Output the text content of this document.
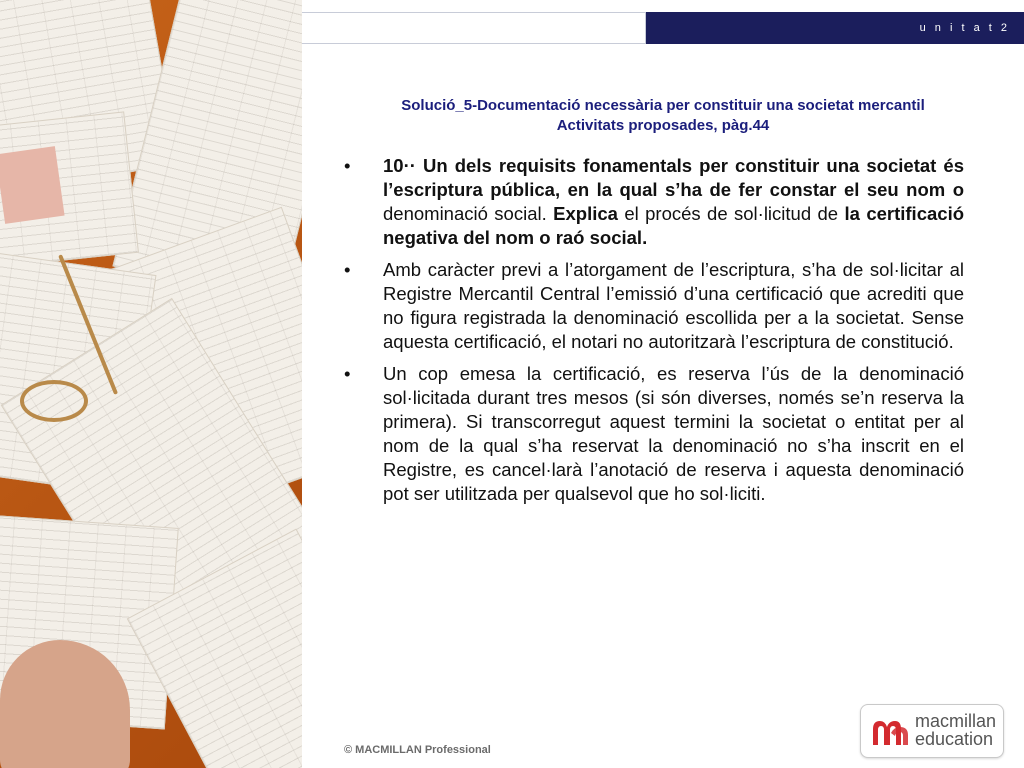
u n i t a t 2
Solució_5-Documentació necessària per constituir una societat mercantil
Activitats proposades, pàg.44
•	10·· Un dels requisits fonamentals per constituir una societat és l’escriptura pública, en la qual s’ha de fer constar el seu nom o denominació social. Explica el procés de sol·licitud de la certificació negativa del nom o raó social.
•	Amb caràcter previ a l’atorgament de l’escriptura, s’ha de sol·licitar al Registre Mercantil Central l’emissió d’una certificació que acrediti que no figura registrada la denominació escollida per a la societat. Sense aquesta certificació, el notari no autoritzarà l’escriptura de constitució.
•	Un cop emesa la certificació, es reserva l’ús de la denominació sol·licitada durant tres mesos (si són diverses, només se’n reserva la primera). Si transcorregut aquest termini la societat o entitat per al nom de la qual s’ha reservat la denominació no s’ha inscrit en el Registre, es cancel·larà l’anotació de reserva i aquesta denominació pot ser utilitzada per qualsevol que ho sol·liciti.
© MACMILLAN Professional
macmillan
education
